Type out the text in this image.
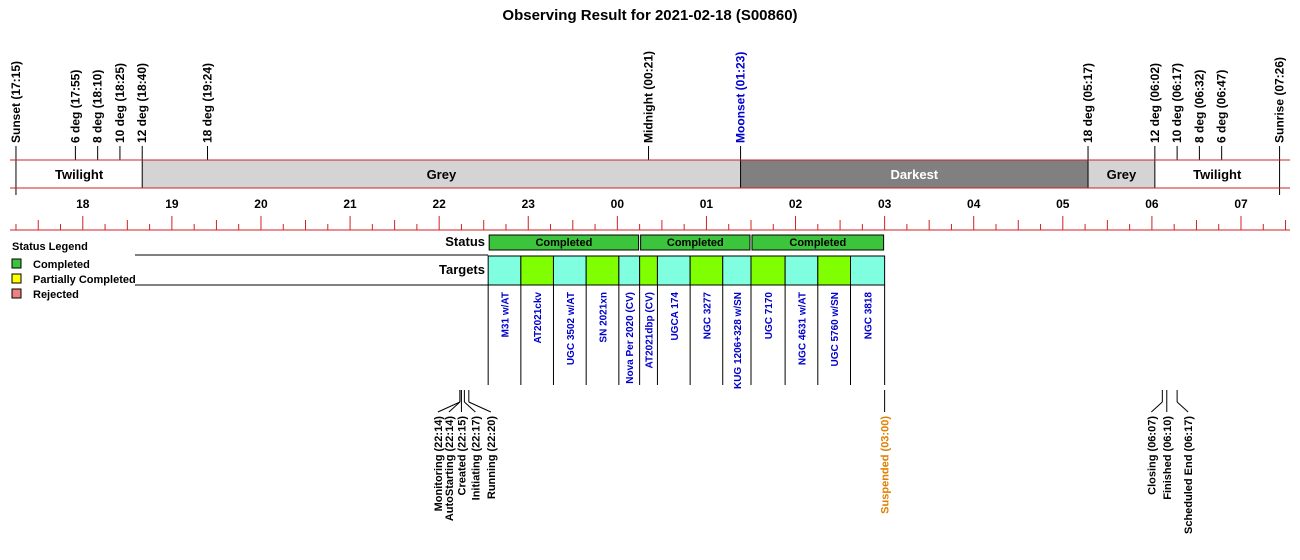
Observing Result for 2021-02-18 (S00860)
Sunset (17:15)	6 deg (17:55) 8 deg (18:10) 10 deg (18:25) 12 deg (18:40)	18 deg (19:24)	Midnight (00:21)	Moonset (01:23)	18 deg (05:17)	12 deg (06:02) 10 deg (06:17) 8 deg (06:32) 6 deg (06:47)	Sunrise (07:26)
Twilight	Grey	Darkest	Grey	Twilight
18	19	20	21	22	23	00	01	02	03	04	05	06	07
Status Legend
Completed
Partially Completed
Rejected
Status
Targets
Completed	Completed	Completed
M31 w/AT AT2021ckv UGC 3502 w/AT SN 2021xn Nova Per 2020 (CV) AT2021dbp (CV) UGCA 174 NGC 3277 KUG 1206+328 w/SN UGC 7170 NGC 4631 w/AT UGC 5760 w/SN NGC 3818
Monitoring (22:14) AutoStarting (22:14) Created (22:15) Initiating (22:17) Running (22:20)	Suspended (03:00)	Closing (06:07) Finished (06:10) Scheduled End (06:17)
